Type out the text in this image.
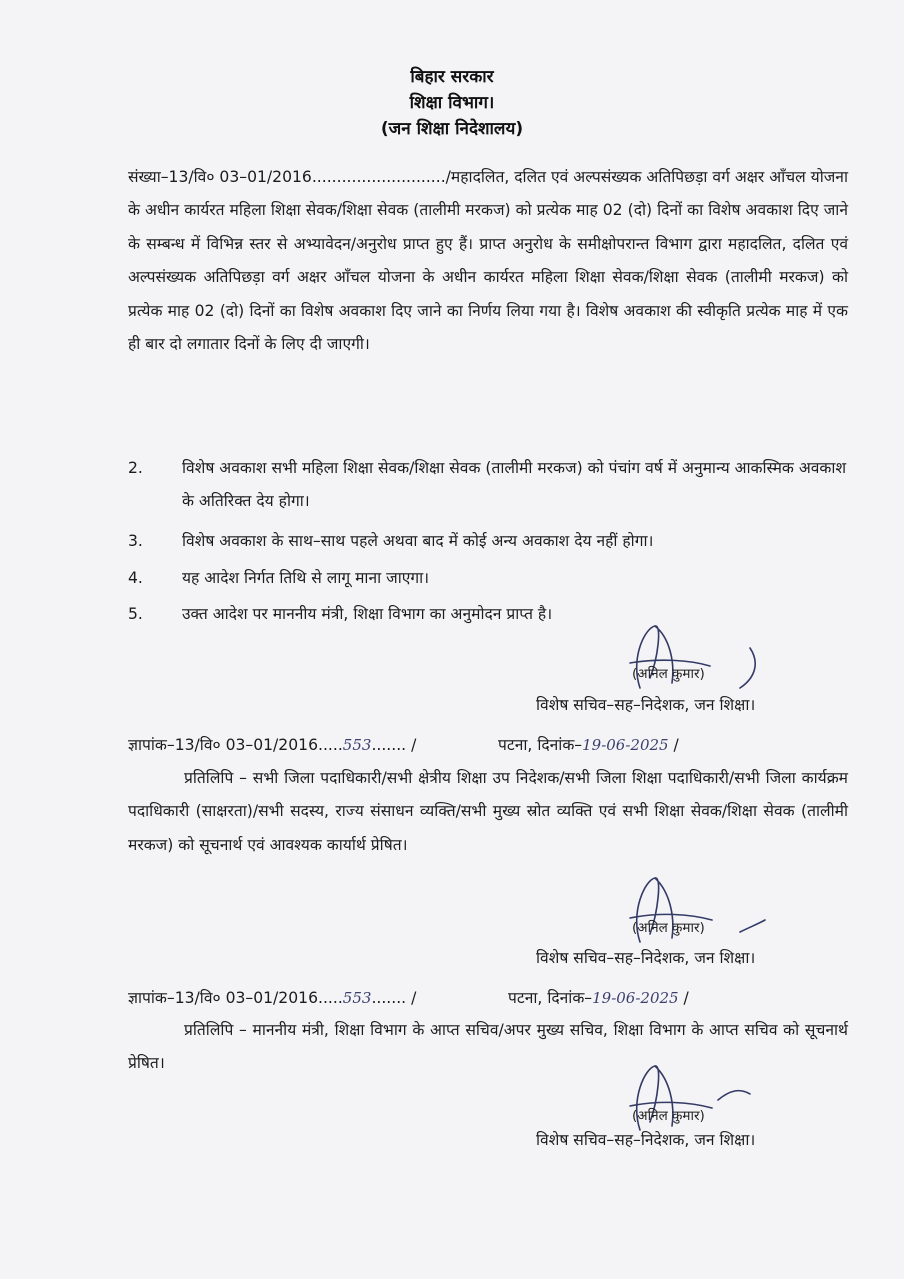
बिहार सरकार
शिक्षा विभाग।
(जन शिक्षा निदेशालय)

संख्या–13/वि० 03–01/2016.........................../महादलित, दलित एवं अल्पसंख्यक अतिपिछड़ा वर्ग अक्षर आँचल योजना के अधीन कार्यरत महिला शिक्षा सेवक/शिक्षा सेवक (तालीमी मरकज) को प्रत्येक माह 02 (दो) दिनों का विशेष अवकाश दिए जाने के सम्बन्ध में विभिन्न स्तर से अभ्यावेदन/अनुरोध प्राप्त हुए हैं। प्राप्त अनुरोध के समीक्षोपरान्त विभाग द्वारा महादलित, दलित एवं अल्पसंख्यक अतिपिछड़ा वर्ग अक्षर आँचल योजना के अधीन कार्यरत महिला शिक्षा सेवक/शिक्षा सेवक (तालीमी मरकज) को प्रत्येक माह 02 (दो) दिनों का विशेष अवकाश दिए जाने का निर्णय लिया गया है। विशेष अवकाश की स्वीकृति प्रत्येक माह में एक ही बार दो लगातार दिनों के लिए दी जाएगी।

2.	विशेष अवकाश सभी महिला शिक्षा सेवक/शिक्षा सेवक (तालीमी मरकज) को पंचांग वर्ष में अनुमान्य आकस्मिक अवकाश के अतिरिक्त देय होगा।
3.	विशेष अवकाश के साथ–साथ पहले अथवा बाद में कोई अन्य अवकाश देय नहीं होगा।
4.	यह आदेश निर्गत तिथि से लागू माना जाएगा।
5.	उक्त आदेश पर माननीय मंत्री, शिक्षा विभाग का अनुमोदन प्राप्त है।
(अनिल कुमार)
विशेष सचिव–सह–निदेशक, जन शिक्षा।
ज्ञापांक–13/वि० 03–01/2016.....553....... /	पटना, दिनांक–19-06-2025 /

प्रतिलिपि – सभी जिला पदाधिकारी/सभी क्षेत्रीय शिक्षा उप निदेशक/सभी जिला शिक्षा पदाधिकारी/सभी जिला कार्यक्रम पदाधिकारी (साक्षरता)/सभी सदस्य, राज्य संसाधन व्यक्ति/सभी मुख्य स्रोत व्यक्ति एवं सभी शिक्षा सेवक/शिक्षा सेवक (तालीमी मरकज) को सूचनार्थ एवं आवश्यक कार्यार्थ प्रेषित।

(अनिल कुमार)
विशेष सचिव–सह–निदेशक, जन शिक्षा।
ज्ञापांक–13/वि० 03–01/2016.....553....... /	पटना, दिनांक–19-06-2025 /

प्रतिलिपि – माननीय मंत्री, शिक्षा विभाग के आप्त सचिव/अपर मुख्य सचिव, शिक्षा विभाग के आप्त सचिव को सूचनार्थ प्रेषित।

(अनिल कुमार)
विशेष सचिव–सह–निदेशक, जन शिक्षा।
